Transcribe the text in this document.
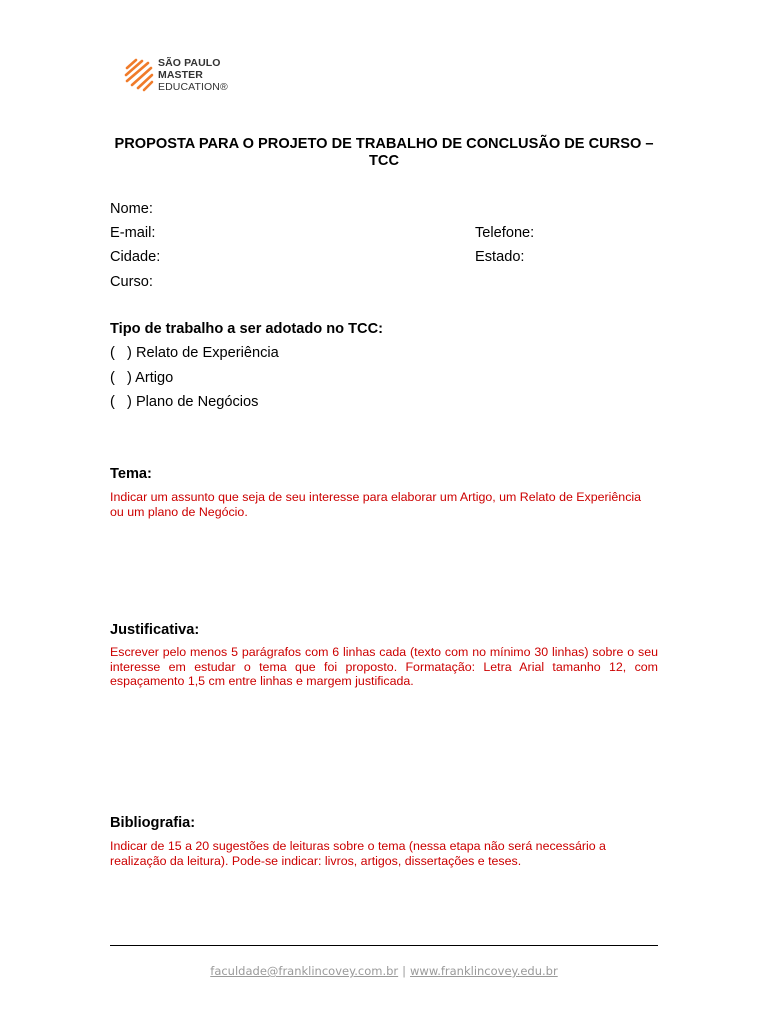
SÃO PAULO
MASTER
EDUCATION®
PROPOSTA PARA O PROJETO DE TRABALHO DE CONCLUSÃO DE CURSO – TCC
Nome:
E-mail:	Telefone:
Cidade:	Estado:
Curso:
Tipo de trabalho a ser adotado no TCC:
(   ) Relato de Experiência
(   ) Artigo
(   ) Plano de Negócios
Tema:
Indicar um assunto que seja de seu interesse para elaborar um Artigo, um Relato de Experiência ou um plano de Negócio.
Justificativa:
Escrever pelo menos 5 parágrafos com 6 linhas cada (texto com no mínimo 30 linhas) sobre o seu interesse em estudar o tema que foi proposto. Formatação: Letra Arial tamanho 12, com espaçamento 1,5 cm entre linhas e margem justificada.
Bibliografia:
Indicar de 15 a 20 sugestões de leituras sobre o tema (nessa etapa não será necessário a realização da leitura). Pode-se indicar: livros, artigos, dissertações e teses.
faculdade@franklincovey.com.br | www.franklincovey.edu.br
